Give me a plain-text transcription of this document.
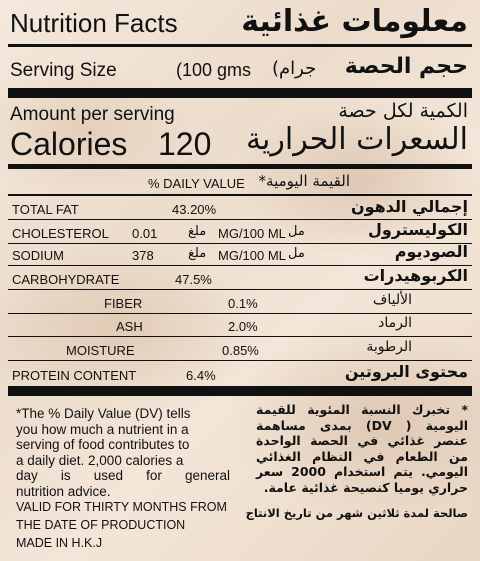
Nutrition Facts معلومات غذائية
Serving Size	(100 gms جرام) حجم الحصة
Amount per serving	الكمية لكل حصة
Calories 120 السعرات الحرارية
% DAILY VALUE القيمة اليومية*
TOTAL FAT	43.20%	إجمالي الدهون
CHOLESTEROL 0.01 ملغ MG/100 ML مل	الكوليسترول
SODIUM	378	ملغ MG/100 ML مل	الصوديوم
CARBOHYDRATE	47.5%	الكربوهيدرات
FIBER	0.1%	الألياف
ASH	2.0%	الرماد
MOISTURE	0.85%	الرطوبة
PROTEIN CONTENT	6.4%	محتوى البروتين
*The % Daily Value (DV) tells
you how much a nutrient in a
serving of food contributes to
a daily diet. 2,000 calories a
day is used for general
nutrition advice.
VALID FOR THIRTY MONTHS FROM
THE DATE OF PRODUCTION
MADE IN H.K.J
* تخبرك النسبة المئوية للقيمة
اليومية ( DV) بمدى مساهمة
عنصر غذائي في الحصة الواحدة
من الطعام في النظام الغذائي
اليومي. يتم استخدام 2000 سعر
حراري يوميا كنصيحة غذائية عامة.
صالحة لمدة ثلاثين شهر من تاريخ الانتاج
